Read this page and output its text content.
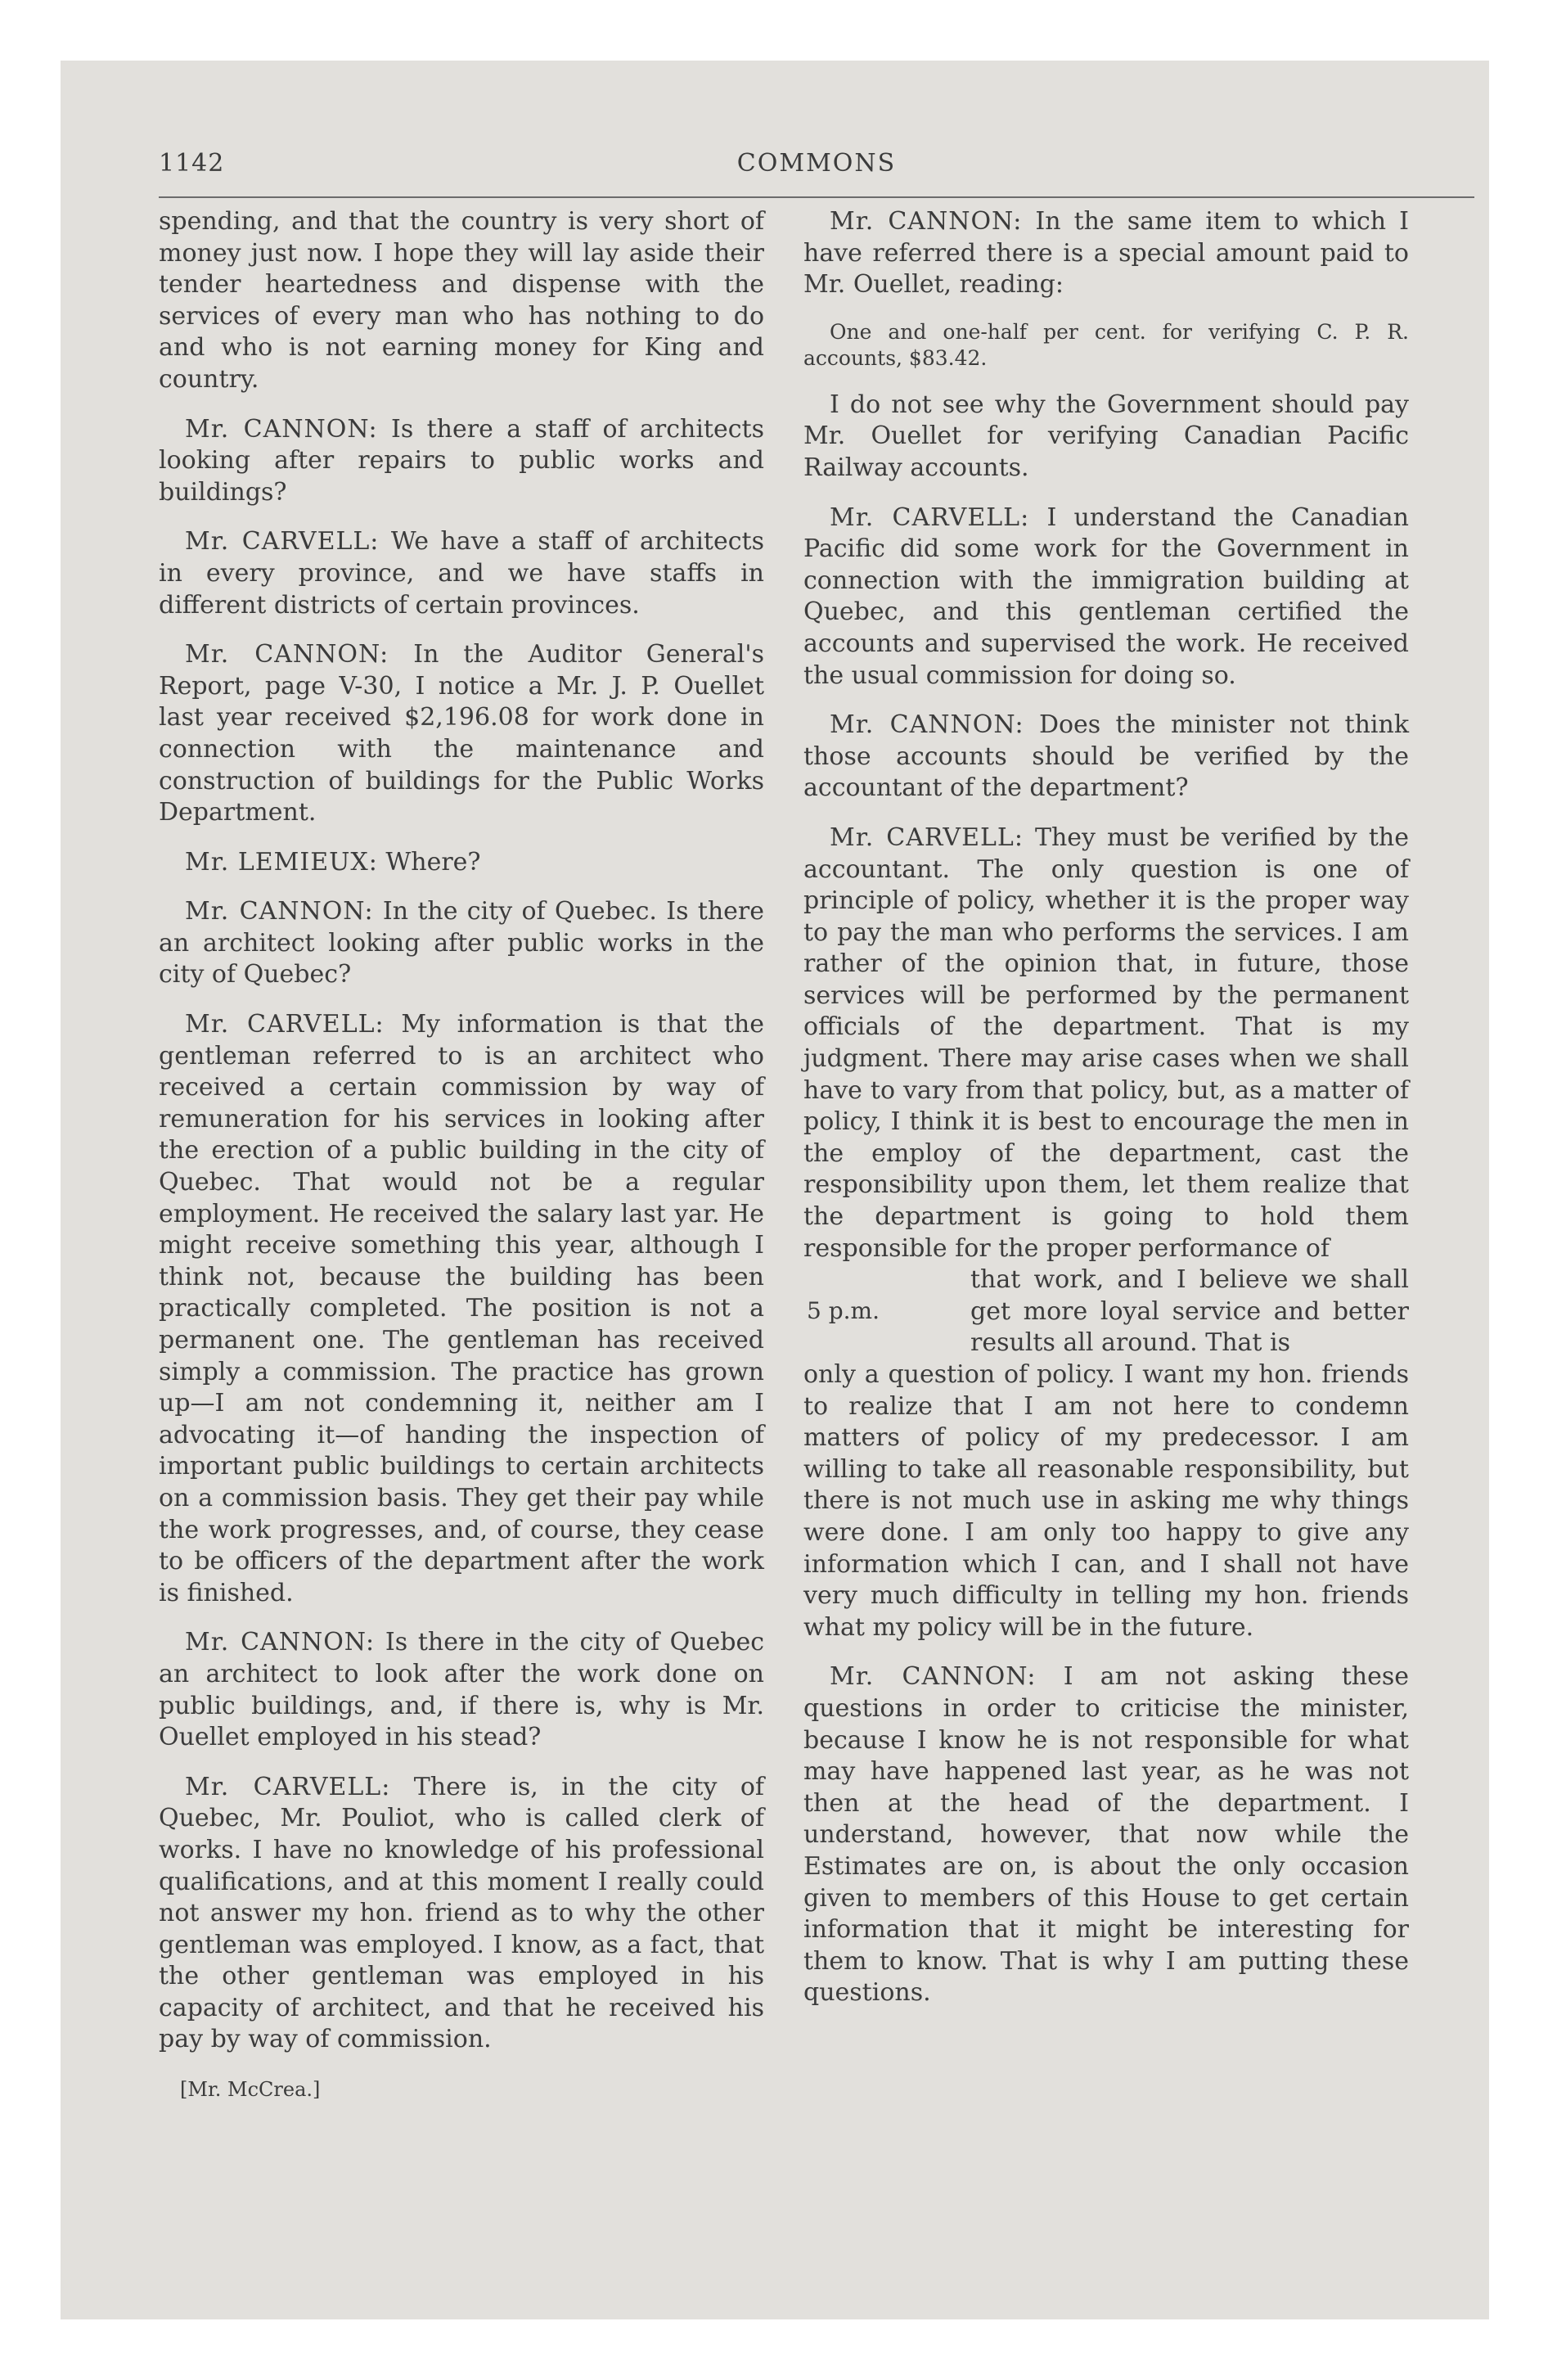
1142	COMMONS

spending, and that the country is very short of money just now. I hope they will lay aside their tender heartedness and dispense with the services of every man who has nothing to do and who is not earning money for King and country.

Mr. CANNON: Is there a staff of architects looking after repairs to public works and buildings?

Mr. CARVELL: We have a staff of architects in every province, and we have staffs in different districts of certain provinces.

Mr. CANNON: In the Auditor General's Report, page V-30, I notice a Mr. J. P. Ouellet last year received $2,196.08 for work done in connection with the maintenance and construction of buildings for the Public Works Department.

Mr. LEMIEUX: Where?

Mr. CANNON: In the city of Quebec. Is there an architect looking after public works in the city of Quebec?

Mr. CARVELL: My information is that the gentleman referred to is an architect who received a certain commission by way of remuneration for his services in looking after the erection of a public building in the city of Quebec. That would not be a regular employment. He received the salary last yar. He might receive something this year, although I think not, because the building has been practically completed. The position is not a permanent one. The gentleman has received simply a commission. The practice has grown up—I am not condemning it, neither am I advocating it—of handing the inspection of important public buildings to certain architects on a commission basis. They get their pay while the work progresses, and, of course, they cease to be officers of the department after the work is finished.

Mr. CANNON: Is there in the city of Quebec an architect to look after the work done on public buildings, and, if there is, why is Mr. Ouellet employed in his stead?

Mr. CARVELL: There is, in the city of Quebec, Mr. Pouliot, who is called clerk of works. I have no knowledge of his professional qualifications, and at this moment I really could not answer my hon. friend as to why the other gentleman was employed. I know, as a fact, that the other gentleman was employed in his capacity of architect, and that he received his pay by way of commission.

[Mr. McCrea.]

Mr. CANNON: In the same item to which I have referred there is a special amount paid to Mr. Ouellet, reading:

One and one-half per cent. for verifying C. P. R. accounts, $83.42.

I do not see why the Government should pay Mr. Ouellet for verifying Canadian Pacific Railway accounts.

Mr. CARVELL: I understand the Canadian Pacific did some work for the Government in connection with the immigration building at Quebec, and this gentleman certified the accounts and supervised the work. He received the usual commission for doing so.

Mr. CANNON: Does the minister not think those accounts should be verified by the accountant of the department?

Mr. CARVELL: They must be verified by the accountant. The only question is one of principle of policy, whether it is the proper way to pay the man who performs the services. I am rather of the opinion that, in future, those services will be performed by the permanent officials of the department. That is my judgment. There may arise cases when we shall have to vary from that policy, but, as a matter of policy, I think it is best to encourage the men in the employ of the department, cast the responsibility upon them, let them realize that the department is going to hold them responsible for the proper performance of

5 p.m.
that work, and I believe we shall get more loyal service and better results all around. That is

only a question of policy. I want my hon. friends to realize that I am not here to condemn matters of policy of my predecessor. I am willing to take all reasonable responsibility, but there is not much use in asking me why things were done. I am only too happy to give any information which I can, and I shall not have very much difficulty in telling my hon. friends what my policy will be in the future.

Mr. CANNON: I am not asking these questions in order to criticise the minister, because I know he is not responsible for what may have happened last year, as he was not then at the head of the department. I understand, however, that now while the Estimates are on, is about the only occasion given to members of this House to get certain information that it might be interesting for them to know. That is why I am putting these questions.
